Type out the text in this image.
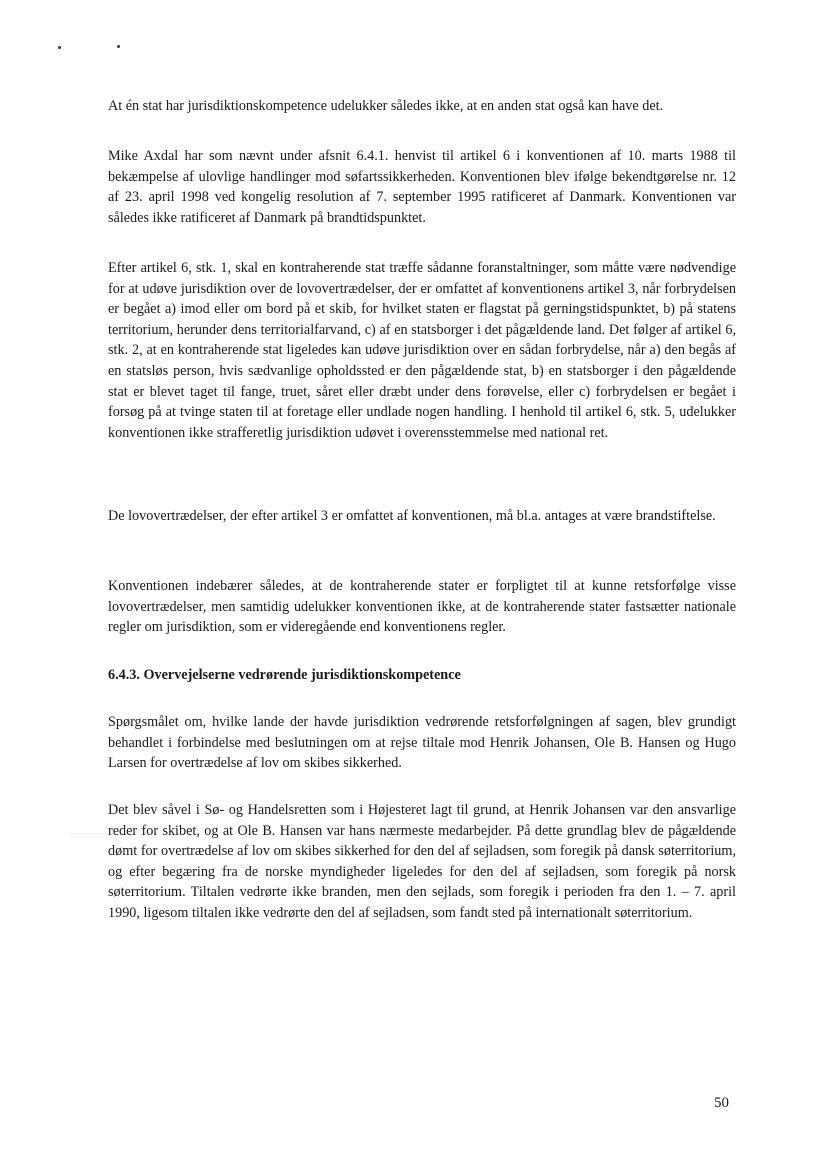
At én stat har jurisdiktionskompetence udelukker således ikke, at en anden stat også kan have det.

Mike Axdal har som nævnt under afsnit 6.4.1. henvist til artikel 6 i konventionen af 10. marts 1988 til bekæmpelse af ulovlige handlinger mod søfartssikkerheden. Konventionen blev ifølge bekendtgørelse nr. 12 af 23. april 1998 ved kongelig resolution af 7. september 1995 ratificeret af Danmark. Konventionen var således ikke ratificeret af Danmark på brandtidspunktet.

Efter artikel 6, stk. 1, skal en kontraherende stat træffe sådanne foranstaltninger, som måtte være nødvendige for at udøve jurisdiktion over de lovovertrædelser, der er omfattet af konventionens artikel 3, når forbrydelsen er begået a) imod eller om bord på et skib, for hvilket staten er flagstat på gerningstidspunktet, b) på statens territorium, herunder dens territorialfarvand, c) af en statsborger i det pågældende land. Det følger af artikel 6, stk. 2, at en kontraherende stat ligeledes kan udøve jurisdiktion over en sådan forbrydelse, når a) den begås af en statsløs person, hvis sædvanlige opholdssted er den pågældende stat, b) en statsborger i den pågældende stat er blevet taget til fange, truet, såret eller dræbt under dens forøvelse, eller c) forbrydelsen er begået i forsøg på at tvinge staten til at foretage eller undlade nogen handling. I henhold til artikel 6, stk. 5, udelukker konventionen ikke strafferetlig jurisdiktion udøvet i overensstemmelse med national ret.

De lovovertrædelser, der efter artikel 3 er omfattet af konventionen, må bl.a. antages at være brandstiftelse.

Konventionen indebærer således, at de kontraherende stater er forpligtet til at kunne retsforfølge visse lovovertrædelser, men samtidig udelukker konventionen ikke, at de kontraherende stater fastsætter nationale regler om jurisdiktion, som er videregående end konventionens regler.

6.4.3. Overvejelserne vedrørende jurisdiktionskompetence

Spørgsmålet om, hvilke lande der havde jurisdiktion vedrørende retsforfølgningen af sagen, blev grundigt behandlet i forbindelse med beslutningen om at rejse tiltale mod Henrik Johansen, Ole B. Hansen og Hugo Larsen for overtrædelse af lov om skibes sikkerhed.

Det blev såvel i Sø- og Handelsretten som i Højesteret lagt til grund, at Henrik Johansen var den ansvarlige reder for skibet, og at Ole B. Hansen var hans nærmeste medarbejder. På dette grundlag blev de pågældende dømt for overtrædelse af lov om skibes sikkerhed for den del af sejladsen, som foregik på dansk søterritorium, og efter begæring fra de norske myndigheder ligeledes for den del af sejladsen, som foregik på norsk søterritorium. Tiltalen vedrørte ikke branden, men den sejlads, som foregik i perioden fra den 1. – 7. april 1990, ligesom tiltalen ikke vedrørte den del af sejladsen, som fandt sted på internationalt søterritorium.

50
